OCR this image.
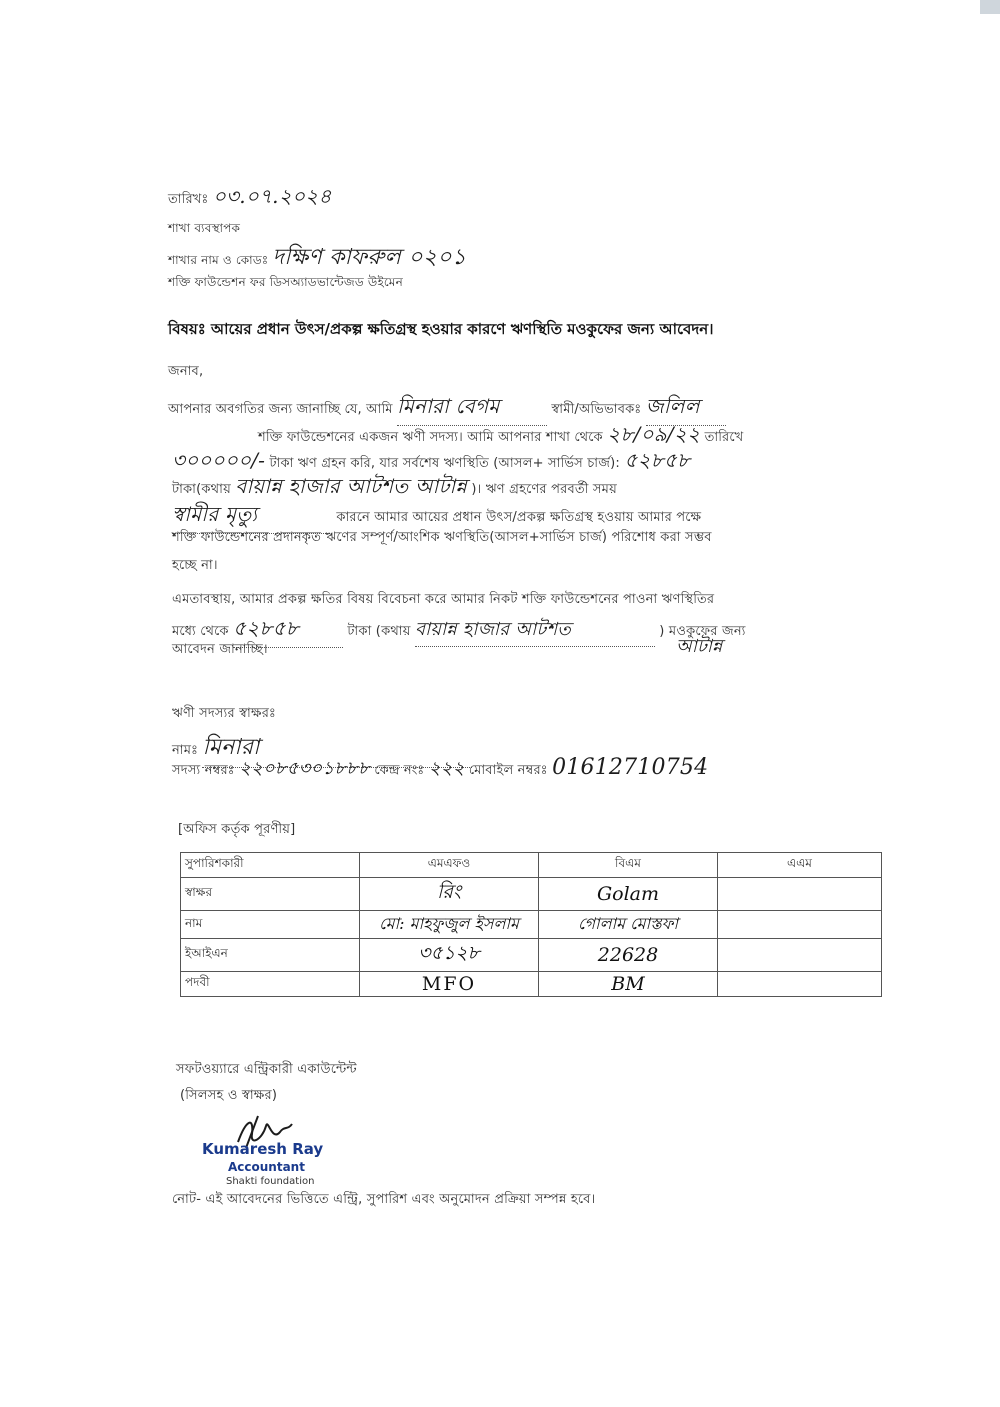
তারিখঃ ০৩.০৭.২০২৪
শাখা ব্যবস্থাপক
শাখার নাম ও কোডঃ দক্ষিণ কাফরুল ০২০১
শক্তি ফাউন্ডেশন ফর ডিসঅ্যাডভান্টেজড উইমেন
বিষয়ঃ আয়ের প্রধান উৎস/প্রকল্প ক্ষতিগ্রস্থ হওয়ার কারণে ঋণস্থিতি মওকুফের জন্য আবেদন।
জনাব,
আপনার অবগতির জন্য জানাচ্ছি যে, আমি মিনারা বেগম	স্বামী/অভিভাবকঃ জলিল
শক্তি ফাউন্ডেশনের একজন ঋণী সদস্য। আমি আপনার শাখা থেকে ২৮/০৯/২২ তারিখে
৩০০০০০/- টাকা ঋণ গ্রহন করি, যার সর্বশেষ ঋণস্থিতি (আসল+ সার্ভিস চার্জ): ৫২৮৫৮
টাকা(কথায় বায়ান্ন হাজার আটশত আটান্ন )। ঋণ গ্রহণের পরবর্তী সময়
স্বামীর মৃত্যু	কারনে আমার আয়ের প্রধান উৎস/প্রকল্প ক্ষতিগ্রস্থ হওয়ায় আমার পক্ষে
শক্তি ফাউন্ডেশনের প্রদানকৃত ঋণের সম্পূর্ণ/আংশিক ঋণস্থিতি(আসল+সার্ভিস চার্জ) পরিশোধ করা সম্ভব
হচ্ছে না।
এমতাবস্থায়, আমার প্রকল্প ক্ষতির বিষয় বিবেচনা করে আমার নিকট শক্তি ফাউন্ডেশনের পাওনা ঋণস্থিতির
মধ্যে থেকে ৫২৮৫৮	টাকা (কথায় বায়ান্ন হাজার আটশত	) মওকুফের জন্য
আটান্ন
আবেদন জানাচ্ছি।
ঋণী সদস্যর স্বাক্ষরঃ
নামঃ মিনারা
সদস্য নম্বরঃ ২২০৮৫৩০১৮৮৮ কেন্দ্র নংঃ ২২২ মোবাইল নম্বরঃ 01612710754
[অফিস কর্তৃক পূরণীয়]
সুপারিশকারী	এমএফও	বিএম	এএম
স্বাক্ষর	রিং	Golam	
নাম	মো: মাহফুজুল ইসলাম	গোলাম মোস্তফা	
ইআইএন	৩৫১২৮	22628	
পদবী	MFO	BM	
সফটওয়্যারে এন্ট্রিকারী একাউন্টেন্ট
(সিলসহ ও স্বাক্ষর)
Kumaresh Ray
Accountant
Shakti foundation
নোট- এই আবেদনের ভিত্তিতে এন্ট্রি, সুপারিশ এবং অনুমোদন প্রক্রিয়া সম্পন্ন হবে।
